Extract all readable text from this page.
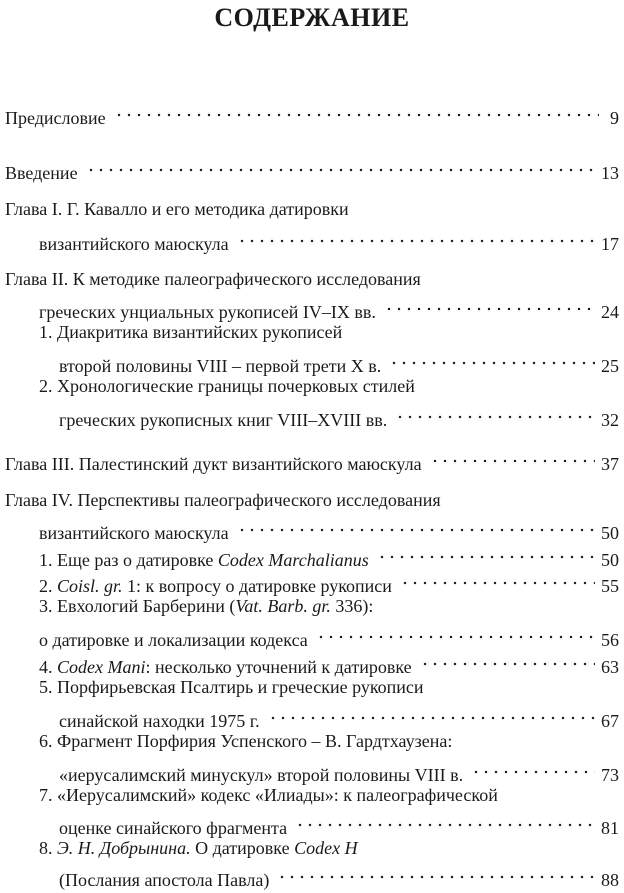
СОДЕРЖАНИЕ
Предисловие	9
Введение	13
Глава I. Г. Кавалло и его методика датировки
византийского маюскула	17
Глава II. К методике палеографического исследования
греческих унциальных рукописей IV–IX вв.	24
1. Диакритика византийских рукописей
второй половины VIII – первой трети X в.	25
2. Хронологические границы почерковых стилей
греческих рукописных книг VIII–XVIII вв.	32
Глава III. Палестинский дукт византийского маюскула	37
Глава IV. Перспективы палеографического исследования
византийского маюскула	50
1. Еще раз о датировке Codex Marchalianus	50
2. Coisl. gr. 1: к вопросу о датировке рукописи	55
3. Евхологий Барберини (Vat. Barb. gr. 336):
о датировке и локализации кодекса	56
4. Codex Mani: несколько уточнений к датировке	63
5. Порфирьевская Псалтирь и греческие рукописи
синайской находки 1975 г.	67
6. Фрагмент Порфирия Успенского – В. Гардтхаузена:
«иерусалимский минускул» второй половины VIII в.	73
7. «Иерусалимский» кодекс «Илиады»: к палеографической
оценке синайского фрагмента	81
8. Э. Н. Добрынина. О датировке Codex H
(Послания апостола Павла)	88
